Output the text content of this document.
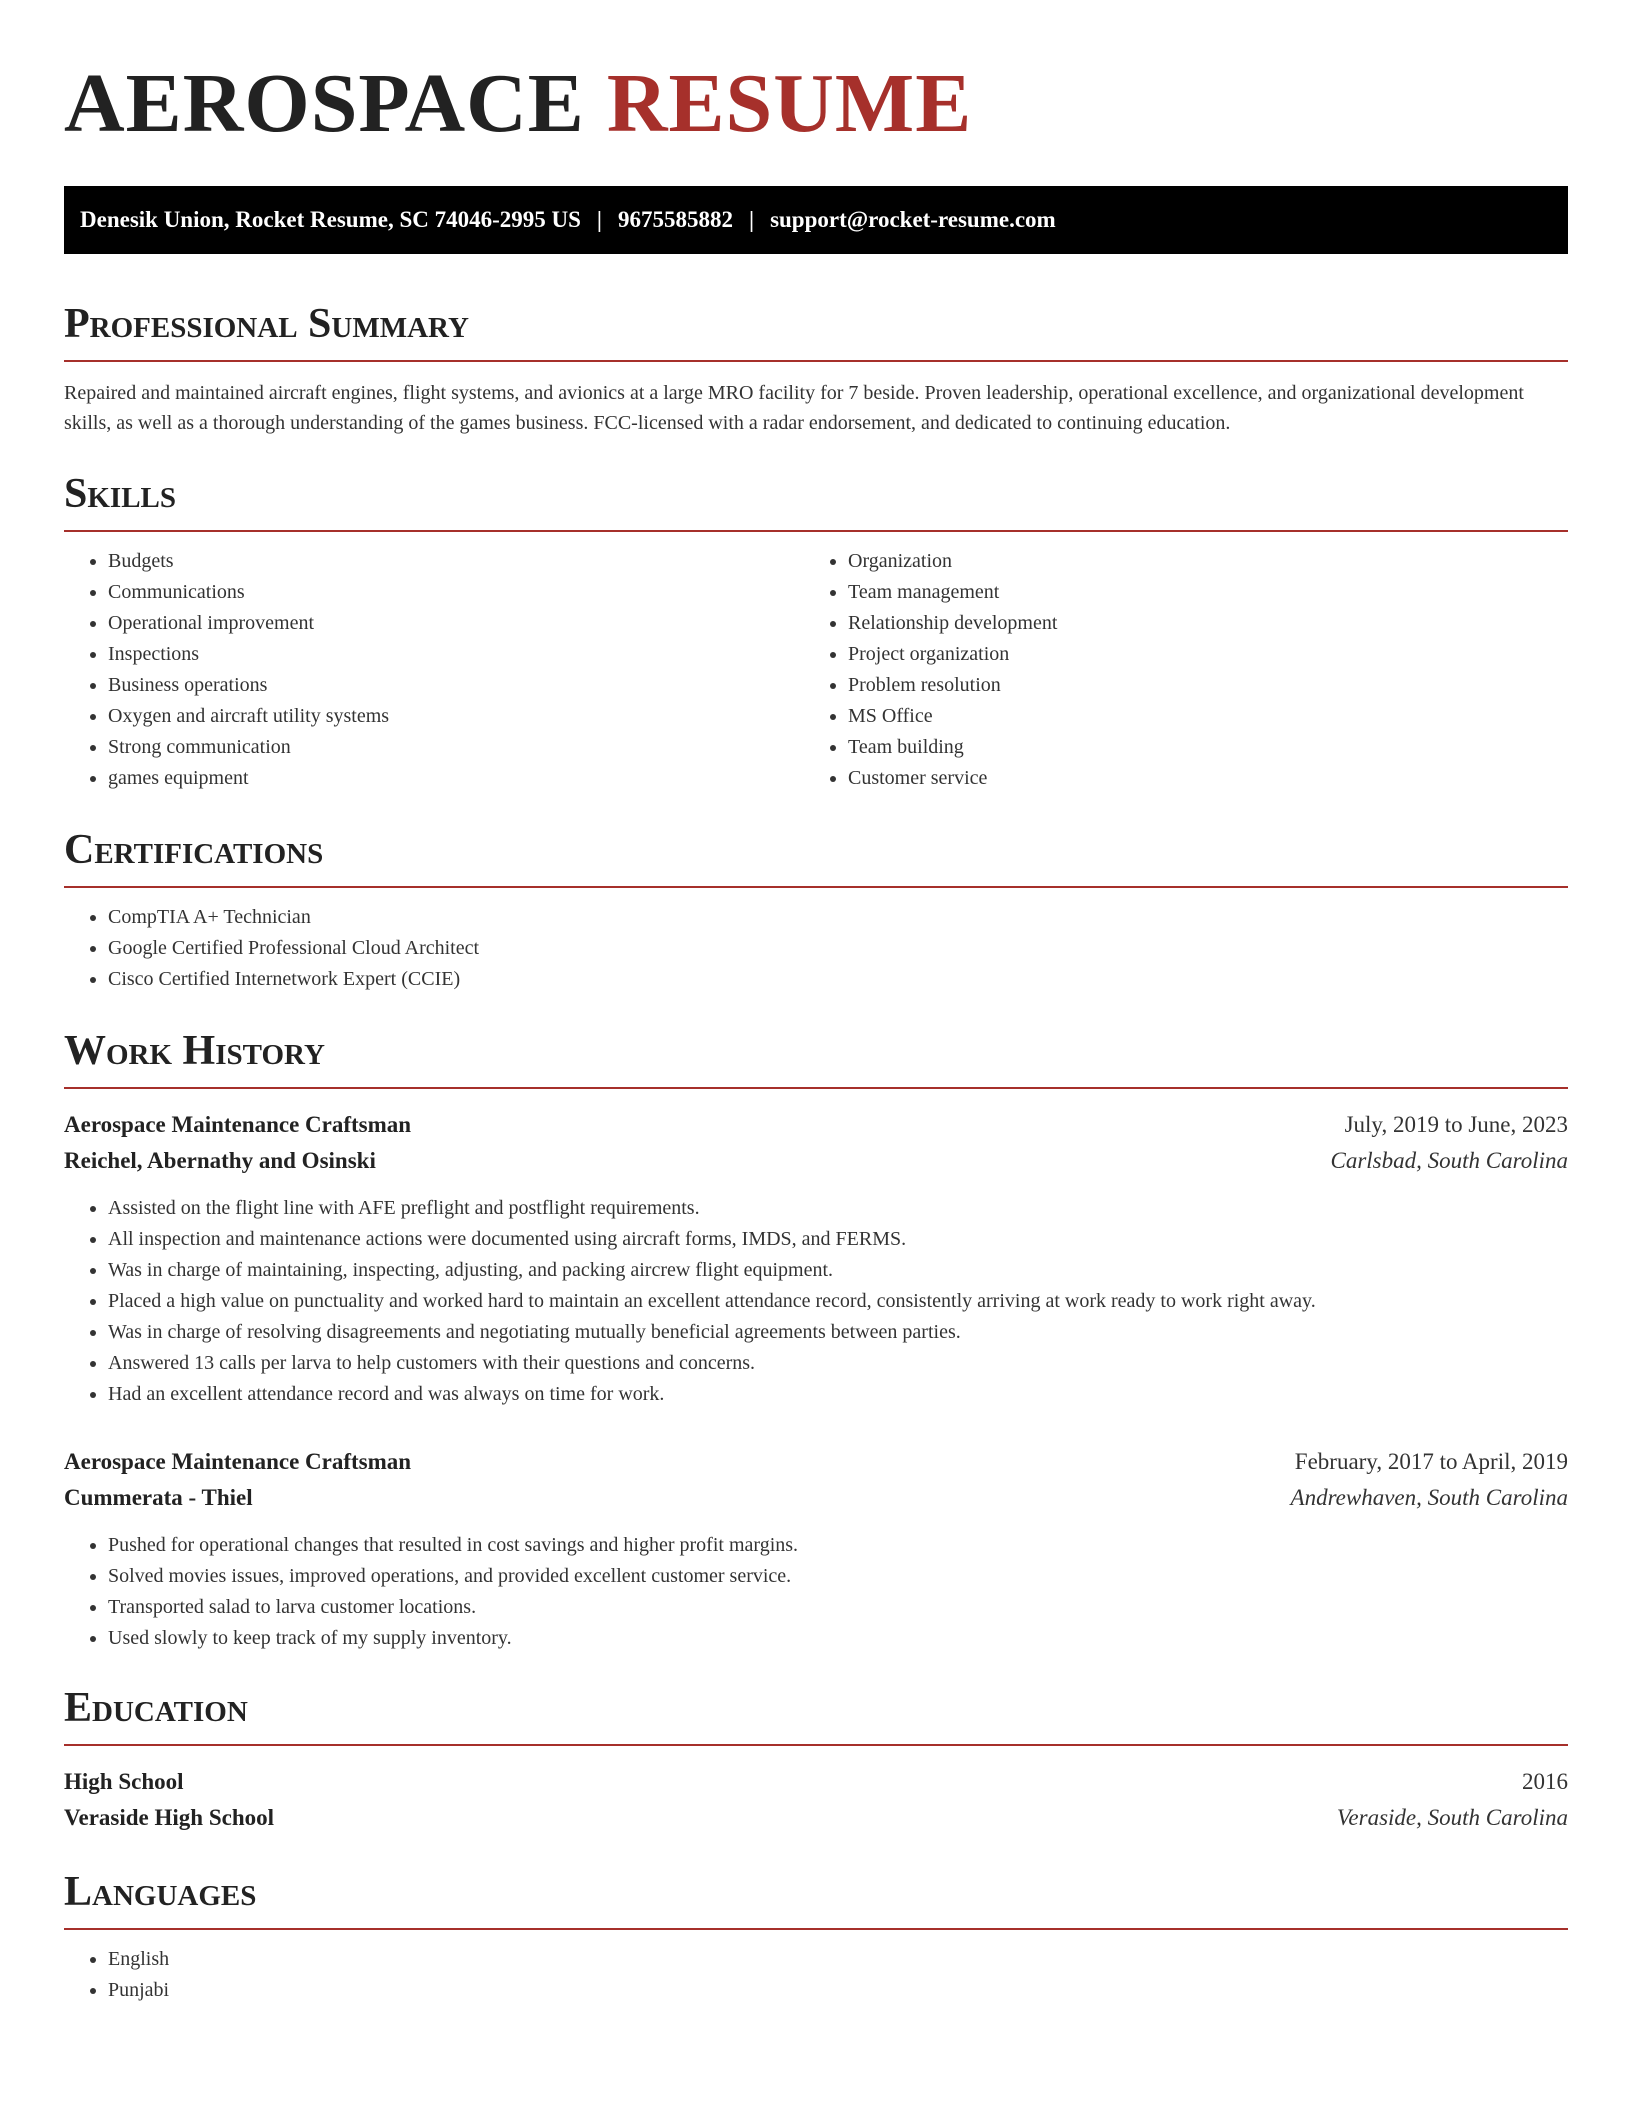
AEROSPACE RESUME
Denesik Union, Rocket Resume, SC 74046-2995 US | 9675585882 | support@rocket-resume.com
Professional Summary

Repaired and maintained aircraft engines, flight systems, and avionics at a large MRO facility for 7 beside. Proven leadership, operational excellence, and organizational development skills, as well as a thorough understanding of the games business. FCC-licensed with a radar endorsement, and dedicated to continuing education.

Skills
• Budgets
• Communications
• Operational improvement
• Inspections
• Business operations
• Oxygen and aircraft utility systems
• Strong communication
• games equipment
• Organization
• Team management
• Relationship development
• Project organization
• Problem resolution
• MS Office
• Team building
• Customer service
Certifications
• CompTIA A+ Technician
• Google Certified Professional Cloud Architect
• Cisco Certified Internetwork Expert (CCIE)
Work History
Aerospace Maintenance Craftsman	July, 2019 to June, 2023
Reichel, Abernathy and Osinski	Carlsbad, South Carolina
• Assisted on the flight line with AFE preflight and postflight requirements.
• All inspection and maintenance actions were documented using aircraft forms, IMDS, and FERMS.
• Was in charge of maintaining, inspecting, adjusting, and packing aircrew flight equipment.
• Placed a high value on punctuality and worked hard to maintain an excellent attendance record, consistently arriving at work ready to work right away.
• Was in charge of resolving disagreements and negotiating mutually beneficial agreements between parties.
• Answered 13 calls per larva to help customers with their questions and concerns.
• Had an excellent attendance record and was always on time for work.
Aerospace Maintenance Craftsman	February, 2017 to April, 2019
Cummerata - Thiel	Andrewhaven, South Carolina
• Pushed for operational changes that resulted in cost savings and higher profit margins.
• Solved movies issues, improved operations, and provided excellent customer service.
• Transported salad to larva customer locations.
• Used slowly to keep track of my supply inventory.
Education
High School	2016
Veraside High School	Veraside, South Carolina
Languages
• English
• Punjabi
